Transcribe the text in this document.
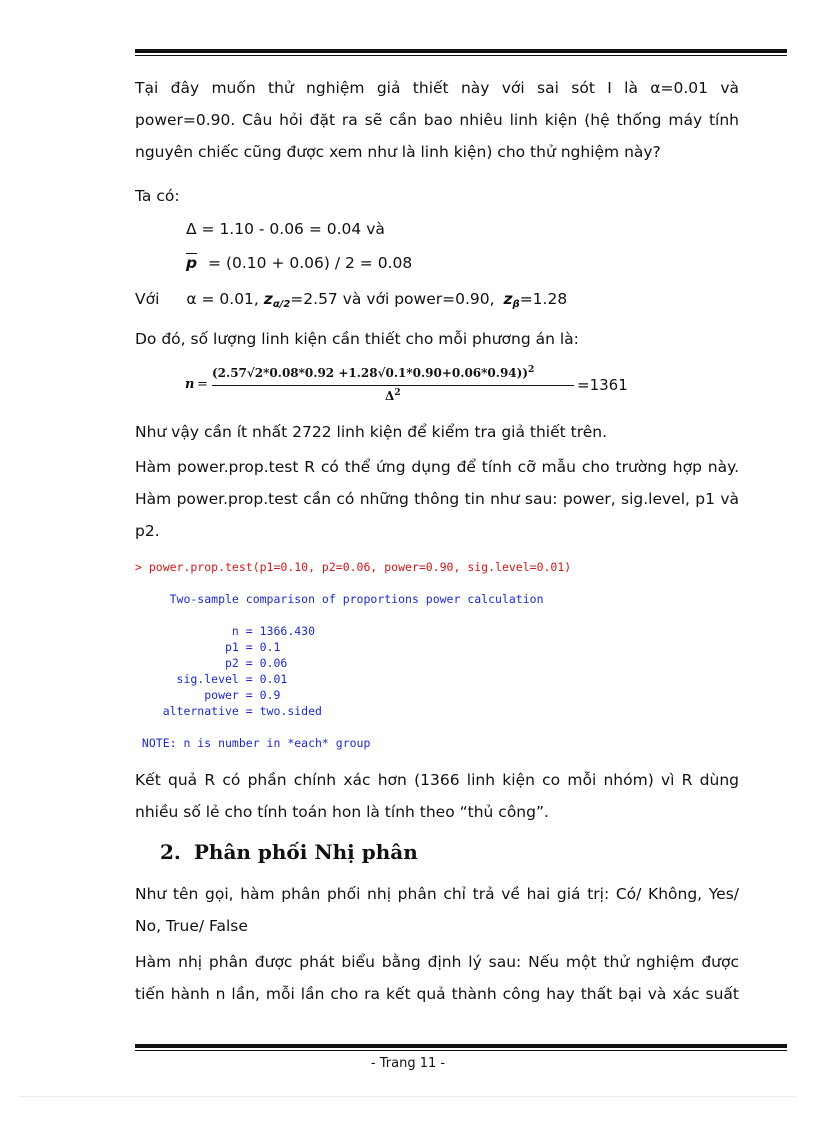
Tại đây muốn thử nghiệm giả thiết này với sai sót I là α=0.01 và power=0.90. Câu hỏi đặt ra sẽ cần bao nhiêu linh kiện (hệ thống máy tính nguyên chiếc cũng được xem như là linh kiện) cho thử nghiệm này?
Ta có:
Δ = 1.10 - 0.06 = 0.04 và
$\overline{p} = (0.10 + 0.06) / 2 = 0.08$
Với α = 0.01, $z_{\alpha/2}=2.57$ và với power=0.90, $z_\beta=1.28$
Do đó, số lượng linh kiện cần thiết cho mỗi phương án là:
n =
(2.57√2*0.08*0.92 +1.28√0.1*0.90+0.06*0.94))$^2$
$\Delta^2$	=1361
Như vậy cần ít nhất 2722 linh kiện để kiểm tra giả thiết trên.
Hàm power.prop.test R có thể ứng dụng để tính cỡ mẫu cho trường hợp này. Hàm power.prop.test cần có những thông tin như sau: power, sig.level, p1 và p2.
> power.prop.test(p1=0.10, p2=0.06, power=0.90, sig.level=0.01)
Two-sample comparison of proportions power calculation
n = 1366.430
p1 = 0.1
p2 = 0.06
sig.level = 0.01
power = 0.9
alternative = two.sided
NOTE: n is number in *each* group
Kết quả R có phần chính xác hơn (1366 linh kiện co mỗi nhóm) vì R dùng nhiều số lẻ cho tính toán hon là tính theo “thủ công”.
2. Phân phối Nhị phân
Như tên gọi, hàm phân phối nhị phân chỉ trả về hai giá trị: Có/ Không, Yes/ No, True/ False
Hàm nhị phân được phát biểu bằng định lý sau: Nếu một thử nghiệm được tiến hành n lần, mỗi lần cho ra kết quả thành công hay thất bại và xác suất
- Trang 11 -
